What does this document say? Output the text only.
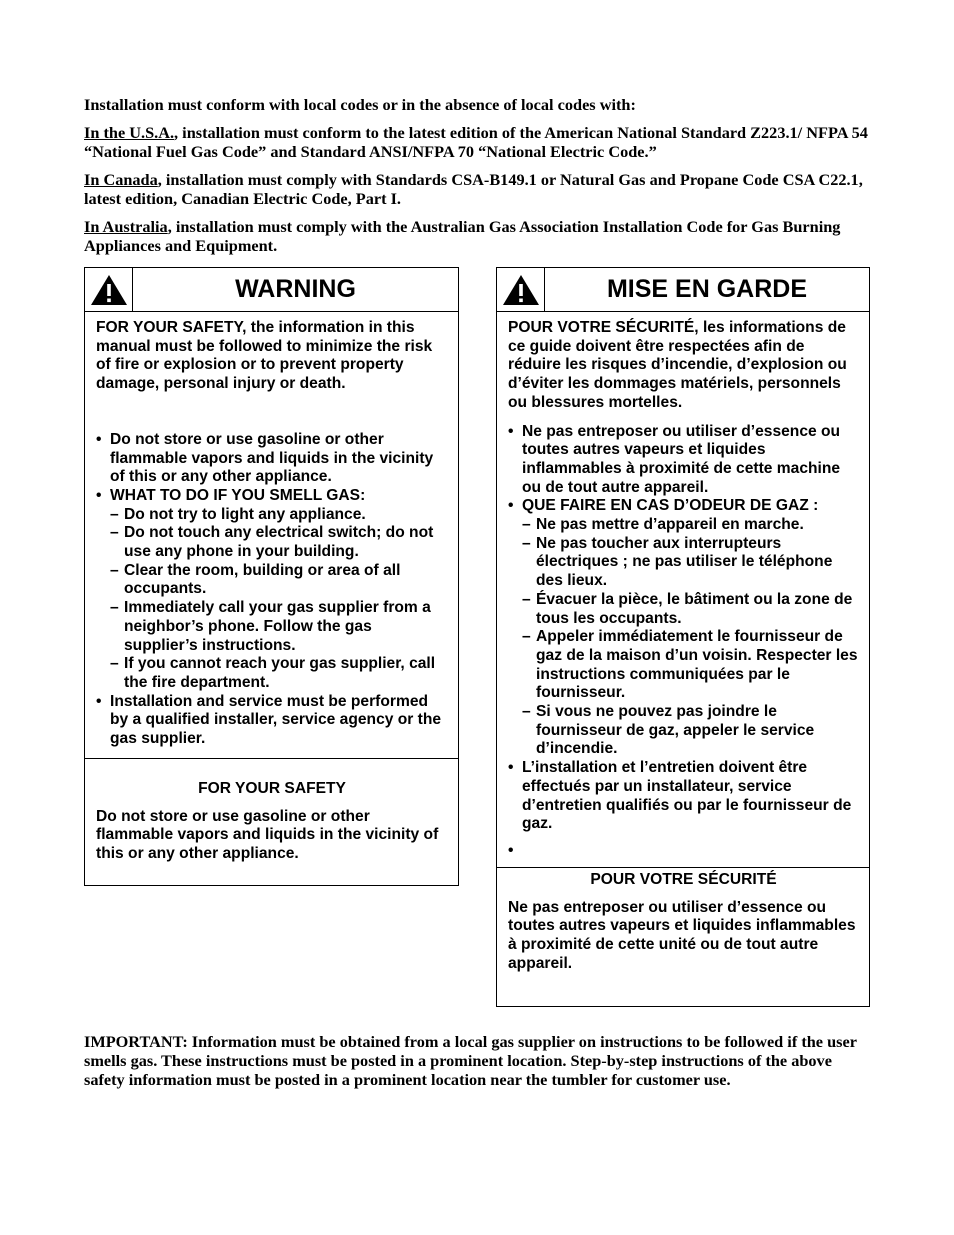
Installation must conform with local codes or in the absence of local codes with:

In the U.S.A., installation must conform to the latest edition of the American National Standard Z223.1/ NFPA 54 “National Fuel Gas Code” and Standard ANSI/NFPA 70 “National Electric Code.”

In Canada, installation must comply with Standards CSA-B149.1 or Natural Gas and Propane Code CSA C22.1, latest edition, Canadian Electric Code, Part I.

In Australia, installation must comply with the Australian Gas Association Installation Code for Gas Burning Appliances and Equipment.

WARNING

FOR YOUR SAFETY, the information in this manual must be followed to minimize the risk of fire or explosion or to prevent property damage, personal injury or death.

• Do not store or use gasoline or other flammable vapors and liquids in the vicinity of this or any other appliance.
• WHAT TO DO IF YOU SMELL GAS:
– Do not try to light any appliance.
– Do not touch any electrical switch; do not use any phone in your building.
– Clear the room, building or area of all occupants.
– Immediately call your gas supplier from a neighbor’s phone. Follow the gas supplier’s instructions.
– If you cannot reach your gas supplier, call the fire department.
• Installation and service must be performed by a qualified installer, service agency or the gas supplier.

FOR YOUR SAFETY

Do not store or use gasoline or other flammable vapors and liquids in the vicinity of this or any other appliance.

MISE EN GARDE

POUR VOTRE SÉCURITÉ, les informations de ce guide doivent être respectées afin de réduire les risques d’incendie, d’explosion ou d’éviter les dommages matériels, personnels ou blessures mortelles.

• Ne pas entreposer ou utiliser d’essence ou toutes autres vapeurs et liquides inflammables à proximité de cette machine ou de tout autre appareil.
• QUE FAIRE EN CAS D’ODEUR DE GAZ :
– Ne pas mettre d’appareil en marche.
– Ne pas toucher aux interrupteurs électriques ; ne pas utiliser le téléphone des lieux.
– Évacuer la pièce, le bâtiment ou la zone de tous les occupants.
– Appeler immédiatement le fournisseur de gaz de la maison d’un voisin. Respecter les instructions communiquées par le fournisseur.
– Si vous ne pouvez pas joindre le fournisseur de gaz, appeler le service d’incendie.
• L’installation et l’entretien doivent être effectués par un installateur, service d’entretien qualifiés ou par le fournisseur de gaz.

POUR VOTRE SÉCURITÉ

Ne pas entreposer ou utiliser d’essence ou toutes autres vapeurs et liquides inflammables à proximité de cette unité ou de tout autre appareil.

IMPORTANT: Information must be obtained from a local gas supplier on instructions to be followed if the user smells gas. These instructions must be posted in a prominent location. Step-by-step instructions of the above safety information must be posted in a prominent location near the tumbler for customer use.
